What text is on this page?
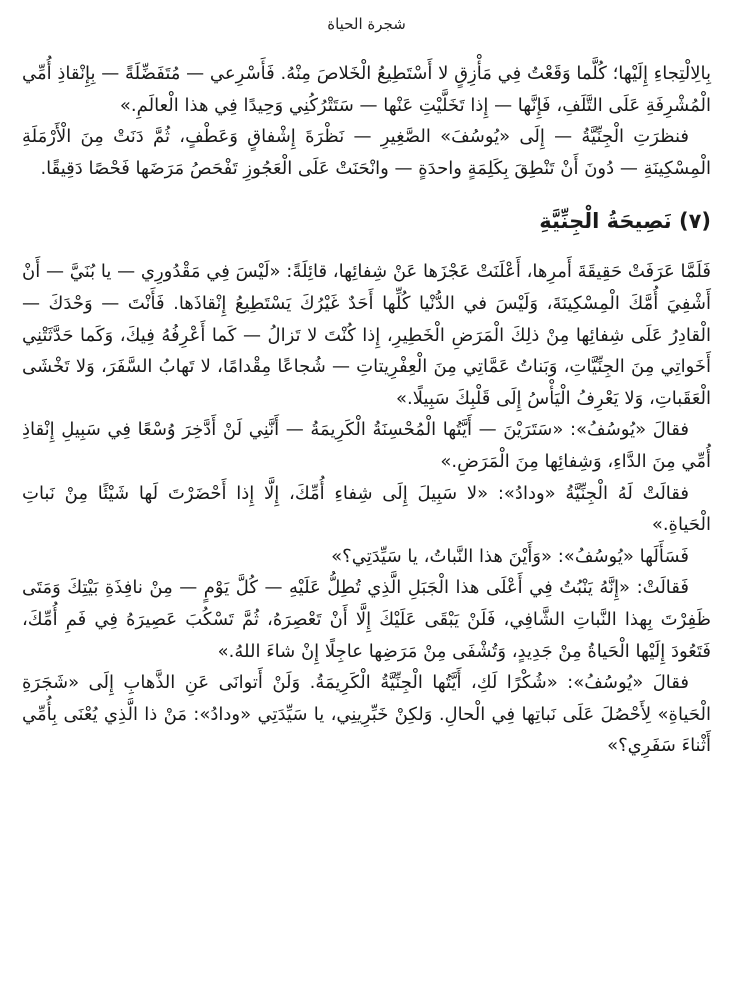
شجرة الحياة

بِالِالْتِجاءِ إِلَيْها؛ كُلَّما وَقَعْتُ فِي مَأْزِقٍ لا أَسْتَطِيعُ الْخَلاصَ مِنْهُ. فَأَسْرِعي — مُتَفَضِّلَةً — بِإِنْقاذِ أُمِّي الْمُشْرِفَةِ عَلَى التَّلَفِ، فَإِنَّها — إِذا تَخَلَّيْتِ عَنْها — سَتَتْرُكُنِي وَحِيدًا فِي هذا الْعالَمِ.»

فنظرَتِ الْجِنِّيَّةُ — إِلَى «يُوسُفَ» الصَّغِيرِ — نَظْرَةَ إِشْفاقٍ وَعَطْفٍ، ثُمَّ دَنَتْ مِنَ الْأَرْمَلَةِ الْمِسْكِينَةِ — دُونَ أَنْ تَنْطِقَ بِكَلِمَةٍ واحدَةٍ — وانْحَنَتْ عَلَى الْعَجُوزِ تَفْحَصُ مَرَضَها فَحْصًا دَقِيقًا.

(٧) نَصِيحَةُ الْجِنِّيَّةِ

فَلَمَّا عَرَفَتْ حَقِيقَةَ أَمرِها، أَعْلَنَتْ عَجْزَها عَنْ شِفائِها، قائِلَةً: «لَيْسَ فِي مَقْدُورِي — يا بُنَيَّ — أَنْ أَشْفِيَ أُمَّكَ الْمِسْكِينَةَ، وَلَيْسَ في الدُّنْيا كُلِّها أَحَدٌ غَيْرُكَ يَسْتَطِيعُ إِنْقاذَها. فَأَنْتَ — وَحْدَكَ — الْقادِرُ عَلَى شِفائِها مِنْ ذلِكَ الْمَرَضِ الْخَطِيرِ، إِذا كُنْتَ لا تَزالُ — كَما أَعْرِفُهُ فِيكَ، وَكَما حَدَّثَتْنِي أَخَواتِي مِنَ الجِنِّيَّاتِ، وَبَناتُ عَمَّاتِي مِنَ الْعِفْرِيتاتِ — شُجاعًا مِقْدامًا، لا تَهابُ السَّفَرَ، وَلا تَخْشَى الْعَقَباتِ، وَلا يَعْرِفُ الْيَأْسُ إِلَى قَلْبِكَ سَبِيلًا.»

فقالَ «يُوسُفُ»: «سَتَرَيْنَ — أَيَّتُها الْمُحْسِنَةُ الْكَرِيمَةُ — أَنَّنِي لَنْ أَدَّخِرَ وُسْعًا فِي سَبِيلِ إِنْقاذِ أُمِّي مِنَ الدَّاءِ، وَشِفائِها مِنَ الْمَرَضِ.»

فقالَتْ لَهُ الْجِنِّيَّةُ «ودادُ»: «لا سَبِيلَ إِلَى شِفاءِ أُمِّكَ، إِلَّا إِذا أَحْضَرْتَ لَها شَيْئًا مِنْ نَباتِ الْحَياةِ.»

فَسَأَلَها «يُوسُفُ»: «وَأَيْنَ هذا النَّباتُ، يا سَيِّدَتِي؟»

فَقالَتْ: «إِنَّهُ يَنْبُتُ فِي أَعْلَى هذا الْجَبَلِ الَّذِي تُطِلُّ عَلَيْهِ — كُلَّ يَوْمٍ — مِنْ نافِذَةِ بَيْتِكَ وَمَتَى ظَفِرْتَ بِهذا النَّباتِ الشَّافِي، فَلَنْ يَبْقَى عَلَيْكَ إِلَّا أَنْ تَعْصِرَهُ، ثُمَّ تَسْكُبَ عَصِيرَهُ فِي فَمِ أُمِّكَ، فَتَعُودَ إِلَيْها الْحَياةُ مِنْ جَدِيدٍ، وَتُشْفَى مِنْ مَرَضِها عاجِلًا إِنْ شاءَ اللهُ.»

فقالَ «يُوسُفُ»: «شُكْرًا لَكِ، أَيَّتُها الْجِنِّيَّةُ الْكَرِيمَةُ. وَلَنْ أَتوانَى عَنِ الذَّهابِ إِلَى «شَجَرَةِ الْحَياةِ» لِأَحْصُلَ عَلَى نَباتِها فِي الْحالِ. وَلكِنْ خَبِّرِينِي، يا سَيِّدَتِي «ودادُ»: مَنْ ذا الَّذِي يُعْنَى بِأُمِّي أَثْناءَ سَفَرِي؟»
